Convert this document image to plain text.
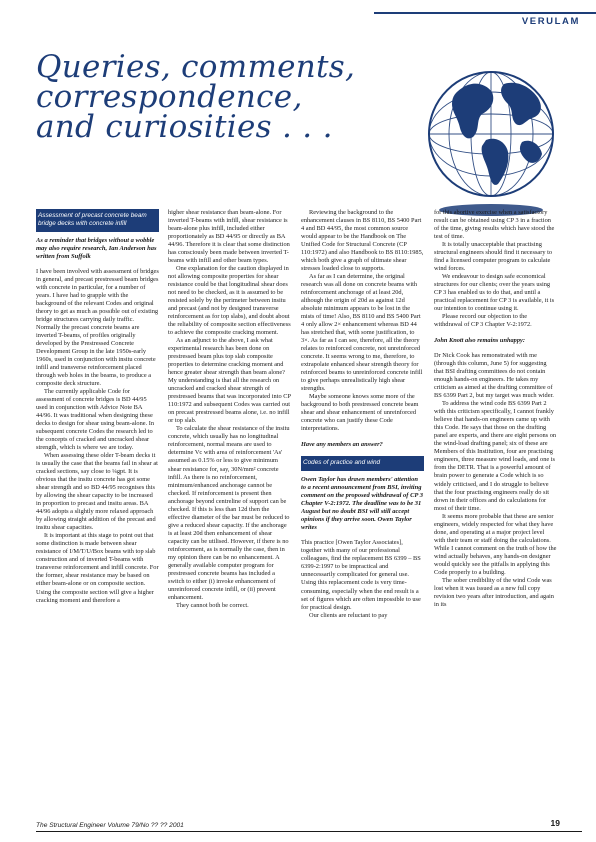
VERULAM
Queries, comments,
correspondence,
and curiosities . . .
Assessment of precast concrete beam bridge decks with concrete infill
As a reminder that bridges without a wobble may also require research, Ian Anderson has written from Suffolk

I have been involved with assessment of bridges in general, and precast prestressed beam bridges with concrete in particular, for a number of years. I have had to grapple with the background of the relevant Codes and original theory to get as much as possible out of existing bridge structures carrying daily traffic. Normally the precast concrete beams are inverted T-beams, of profiles originally developed by the Prestressed Concrete Development Group in the late 1950s-early 1960s, used in conjunction with insitu concrete infill and transverse reinforcement placed through web holes in the beams, to produce a composite deck structure.

The currently applicable Code for assessment of concrete bridges is BD 44/95 used in conjunction with Advice Note BA 44/96. It was traditional when designing these decks to design for shear using beam-alone. In subsequent concrete Codes the research led to the concepts of cracked and uncracked shear strength, which is where we are today.

When assessing these older T-beam decks it is usually the case that the beams fail in shear at cracked sections, say close to ¼gpt. It is obvious that the insitu concrete has got some shear strength and so BD 44/95 recognises this by allowing the shear capacity to be increased in proportion to precast and insitu areas. BA 44/96 adopts a slightly more relaxed approach by allowing straight addition of the precast and insitu shear capacities.

It is important at this stage to point out that some distinction is made between shear resistance of I/M/T/U/Box beams with top slab construction and of inverted T-beams with transverse reinforcement and infill concrete. For the former, shear resistance may be based on either beam-alone or on composite section. Using the composite section will give a higher cracking moment and therefore a

higher shear resistance than beam-alone. For inverted T-beams with infill, shear resistance is beam-alone plus infill, included either proportionately as BD 44/95 or directly as BA 44/96. Therefore it is clear that some distinction has consciously been made between inverted T-beams with infill and other beam types.

One explanation for the caution displayed in not allowing composite properties for shear resistance could be that longitudinal shear does not need to be checked, as it is assumed to be resisted solely by the perimeter between insitu and precast (and not by designed transverse reinforcement as for top slabs), and doubt about the reliability of composite section effectiveness to achieve the composite cracking moment.

As an adjunct to the above, I ask what experimental research has been done on prestressed beam plus top slab composite properties to determine cracking moment and hence greater shear strength than beam alone? My understanding is that all the research on uncracked and cracked shear strength of prestressed beams that was incorporated into CP 110:1972 and subsequent Codes was carried out on precast prestressed beams alone, i.e. no infill or top slab.

To calculate the shear resistance of the insitu concrete, which usually has no longitudinal reinforcement, normal means are used to determine Vc with area of reinforcement 'As' assumed as 0.15% or less to give minimum shear resistance for, say, 30N/mm² concrete infill. As there is no reinforcement, minimum/enhanced anchorage cannot be checked. If reinforcement is present then anchorage beyond centreline of support can be checked. If this is less than 12d then the effective diameter of the bar must be reduced to give a reduced shear capacity. If the anchorage is at least 20d then enhancement of shear capacity can be utilised. However, if there is no reinforcement, as is normally the case, then in my opinion there can be no enhancement. A generally available computer program for prestressed concrete beams has included a switch to either (i) invoke enhancement of unreinforced concrete infill, or (ii) prevent enhancement.

They cannot both be correct.

Reviewing the background to the enhancement clauses in BS 8110, BS 5400 Part 4 and BD 44/95, the most common source would appear to be the Handbook on The Unified Code for Structural Concrete (CP 110:1972) and also Handbook to BS 8110:1985, which both give a graph of ultimate shear stresses loaded close to supports.

As far as I can determine, the original research was all done on concrete beams with reinforcement anchorage of at least 20d, although the origin of 20d as against 12d absolute minimum appears to be lost in the mists of time! Also, BS 8110 and BS 5400 Part 4 only allow 2× enhancement whereas BD 44 has stretched that, with some justification, to 3×. As far as I can see, therefore, all the theory relates to reinforced concrete, not unreinforced concrete. It seems wrong to me, therefore, to extrapolate enhanced shear strength theory for reinforced beams to unreinforced concrete infill to give perhaps unrealistically high shear strengths.

Maybe someone knows some more of the background to both prestressed concrete beam shear and shear enhancement of unreinforced concrete who can justify these Code interpretations.

Have any members an answer?
Codes of practice and wind
Owen Taylor has drawn members' attention to a recent announcement from BSI, inviting comment on the proposed withdrawal of CP 3 Chapter V-2:1972. The deadline was to be 31 August but no doubt BSI will still accept opinions if they arrive soon. Owen Taylor writes

This practice [Owen Taylor Associates], together with many of our professional colleagues, find the replacement BS 6399 – BS 6399-2:1997 to be impractical and unnecessarily complicated for general use. Using this replacement code is very time-consuming, especially when the end result is a set of figures which are often impossible to use for practical design.

Our clients are reluctant to pay

for this abortive exercise when a satisfactory result can be obtained using CP 3 in a fraction of the time, giving results which have stood the test of time.

It is totally unacceptable that practising structural engineers should find it necessary to find a licensed computer program to calculate wind forces.

We endeavour to design safe economical structures for our clients; over the years using CP 3 has enabled us to do that, and until a practical replacement for CP 3 is available, it is our intention to continue using it.

Please record our objection to the withdrawal of CP 3 Chapter V-2:1972.

John Knott also remains unhappy:

Dr Nick Cook has remonstrated with me (through this column, June 5) for suggesting that BSI drafting committees do not contain enough hands-on engineers. He takes my criticism as aimed at the drafting committee of BS 6399 Part 2, but my target was much wider.

To address the wind code BS 6399 Part 2 with this criticism specifically, I cannot frankly believe that hands-on engineers came up with this Code. He says that those on the drafting panel are experts, and there are eight persons on the wind-load drafting panel; six of these are Members of this Institution, four are practising engineers, three measure wind loads, and one is from the DETR. That is a powerful amount of brain power to generate a Code which is so widely criticised, and I do struggle to believe that the four practising engineers really do sit down in their offices and do calculations for most of their time.

It seems more probable that these are senior engineers, widely respected for what they have done, and operating at a major project level with their team or staff doing the calculations. While I cannot comment on the truth of how the wind actually behaves, any hands-on designer would quickly see the pitfalls in applying this Code properly to a building.

The sober credibility of the wind Code was lost when it was issued as a new full copy revision two years after introduction, and again in its

The Structural Engineer Volume 79/No ?? ?? 2001	19
